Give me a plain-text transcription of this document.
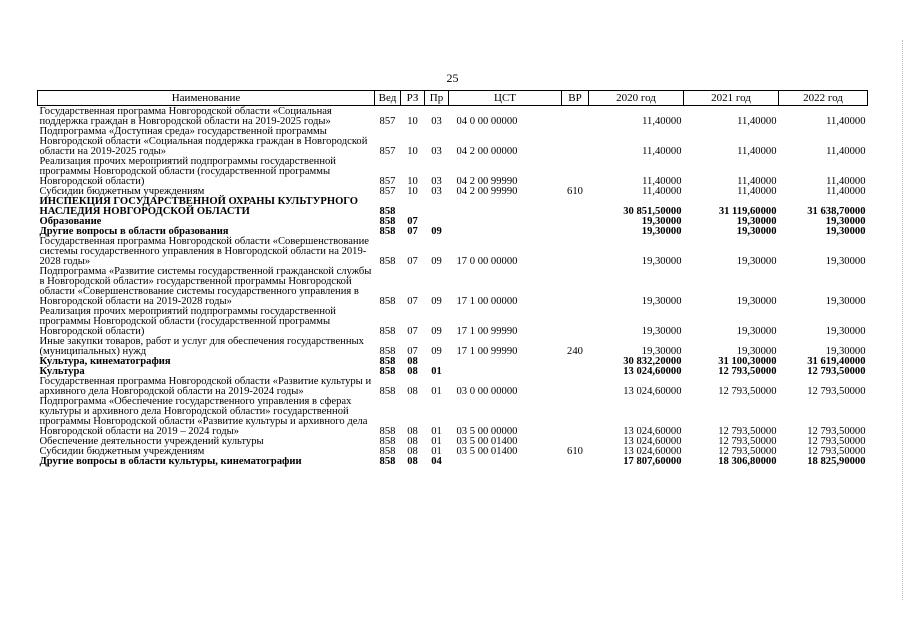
25
Наименование	Вед	РЗ	Пр	ЦСТ	ВР	2020 год	2021 год	2022 год
Государственная программа Новгородской области «Социальная поддержка граждан в Новгородской области на 2019-2025 годы»	857	10	03	04 0 00 00000		11,40000	11,40000	11,40000
Подпрограмма «Доступная среда» государственной программы Новгородской области «Социальная поддержка граждан в Новгородской области на 2019-2025 годы»	857	10	03	04 2 00 00000		11,40000	11,40000	11,40000
Реализация прочих мероприятий подпрограммы государственной программы Новгородской области (государственной программы Новгородской области)	857	10	03	04 2 00 99990		11,40000	11,40000	11,40000
Субсидии бюджетным учреждениям	857	10	03	04 2 00 99990	610	11,40000	11,40000	11,40000
ИНСПЕКЦИЯ ГОСУДАРСТВЕННОЙ ОХРАНЫ КУЛЬТУРНОГО НАСЛЕДИЯ НОВГОРОДСКОЙ ОБЛАСТИ	858					30 851,50000	31 119,60000	31 638,70000
Образование	858	07				19,30000	19,30000	19,30000
Другие вопросы в области образования	858	07	09			19,30000	19,30000	19,30000
Государственная программа Новгородской области «Совершенствование системы государственного управления в Новгородской области на 2019-2028 годы»	858	07	09	17 0 00 00000		19,30000	19,30000	19,30000
Подпрограмма «Развитие системы государственной гражданской службы в Новгородской области» государственной программы Новгородской области «Совершенствование системы государственного управления в Новгородской области на 2019-2028 годы»	858	07	09	17 1 00 00000		19,30000	19,30000	19,30000
Реализация прочих мероприятий подпрограммы государственной программы Новгородской области (государственной программы Новгородской области)	858	07	09	17 1 00 99990		19,30000	19,30000	19,30000
Иные закупки товаров, работ и услуг для обеспечения государственных (муниципальных) нужд	858	07	09	17 1 00 99990	240	19,30000	19,30000	19,30000
Культура, кинематография	858	08				30 832,20000	31 100,30000	31 619,40000
Культура	858	08	01			13 024,60000	12 793,50000	12 793,50000
Государственная программа Новгородской области «Развитие культуры и архивного дела Новгородской области на 2019-2024 годы»	858	08	01	03 0 00 00000		13 024,60000	12 793,50000	12 793,50000
Подпрограмма «Обеспечение государственного управления в сферах культуры и архивного дела Новгородской области» государственной программы Новгородской области «Развитие культуры и архивного дела Новгородской области на 2019 – 2024 годы»	858	08	01	03 5 00 00000		13 024,60000	12 793,50000	12 793,50000
Обеспечение деятельности учреждений культуры	858	08	01	03 5 00 01400		13 024,60000	12 793,50000	12 793,50000
Субсидии бюджетным учреждениям	858	08	01	03 5 00 01400	610	13 024,60000	12 793,50000	12 793,50000
Другие вопросы в области культуры, кинематографии	858	08	04			17 807,60000	18 306,80000	18 825,90000
